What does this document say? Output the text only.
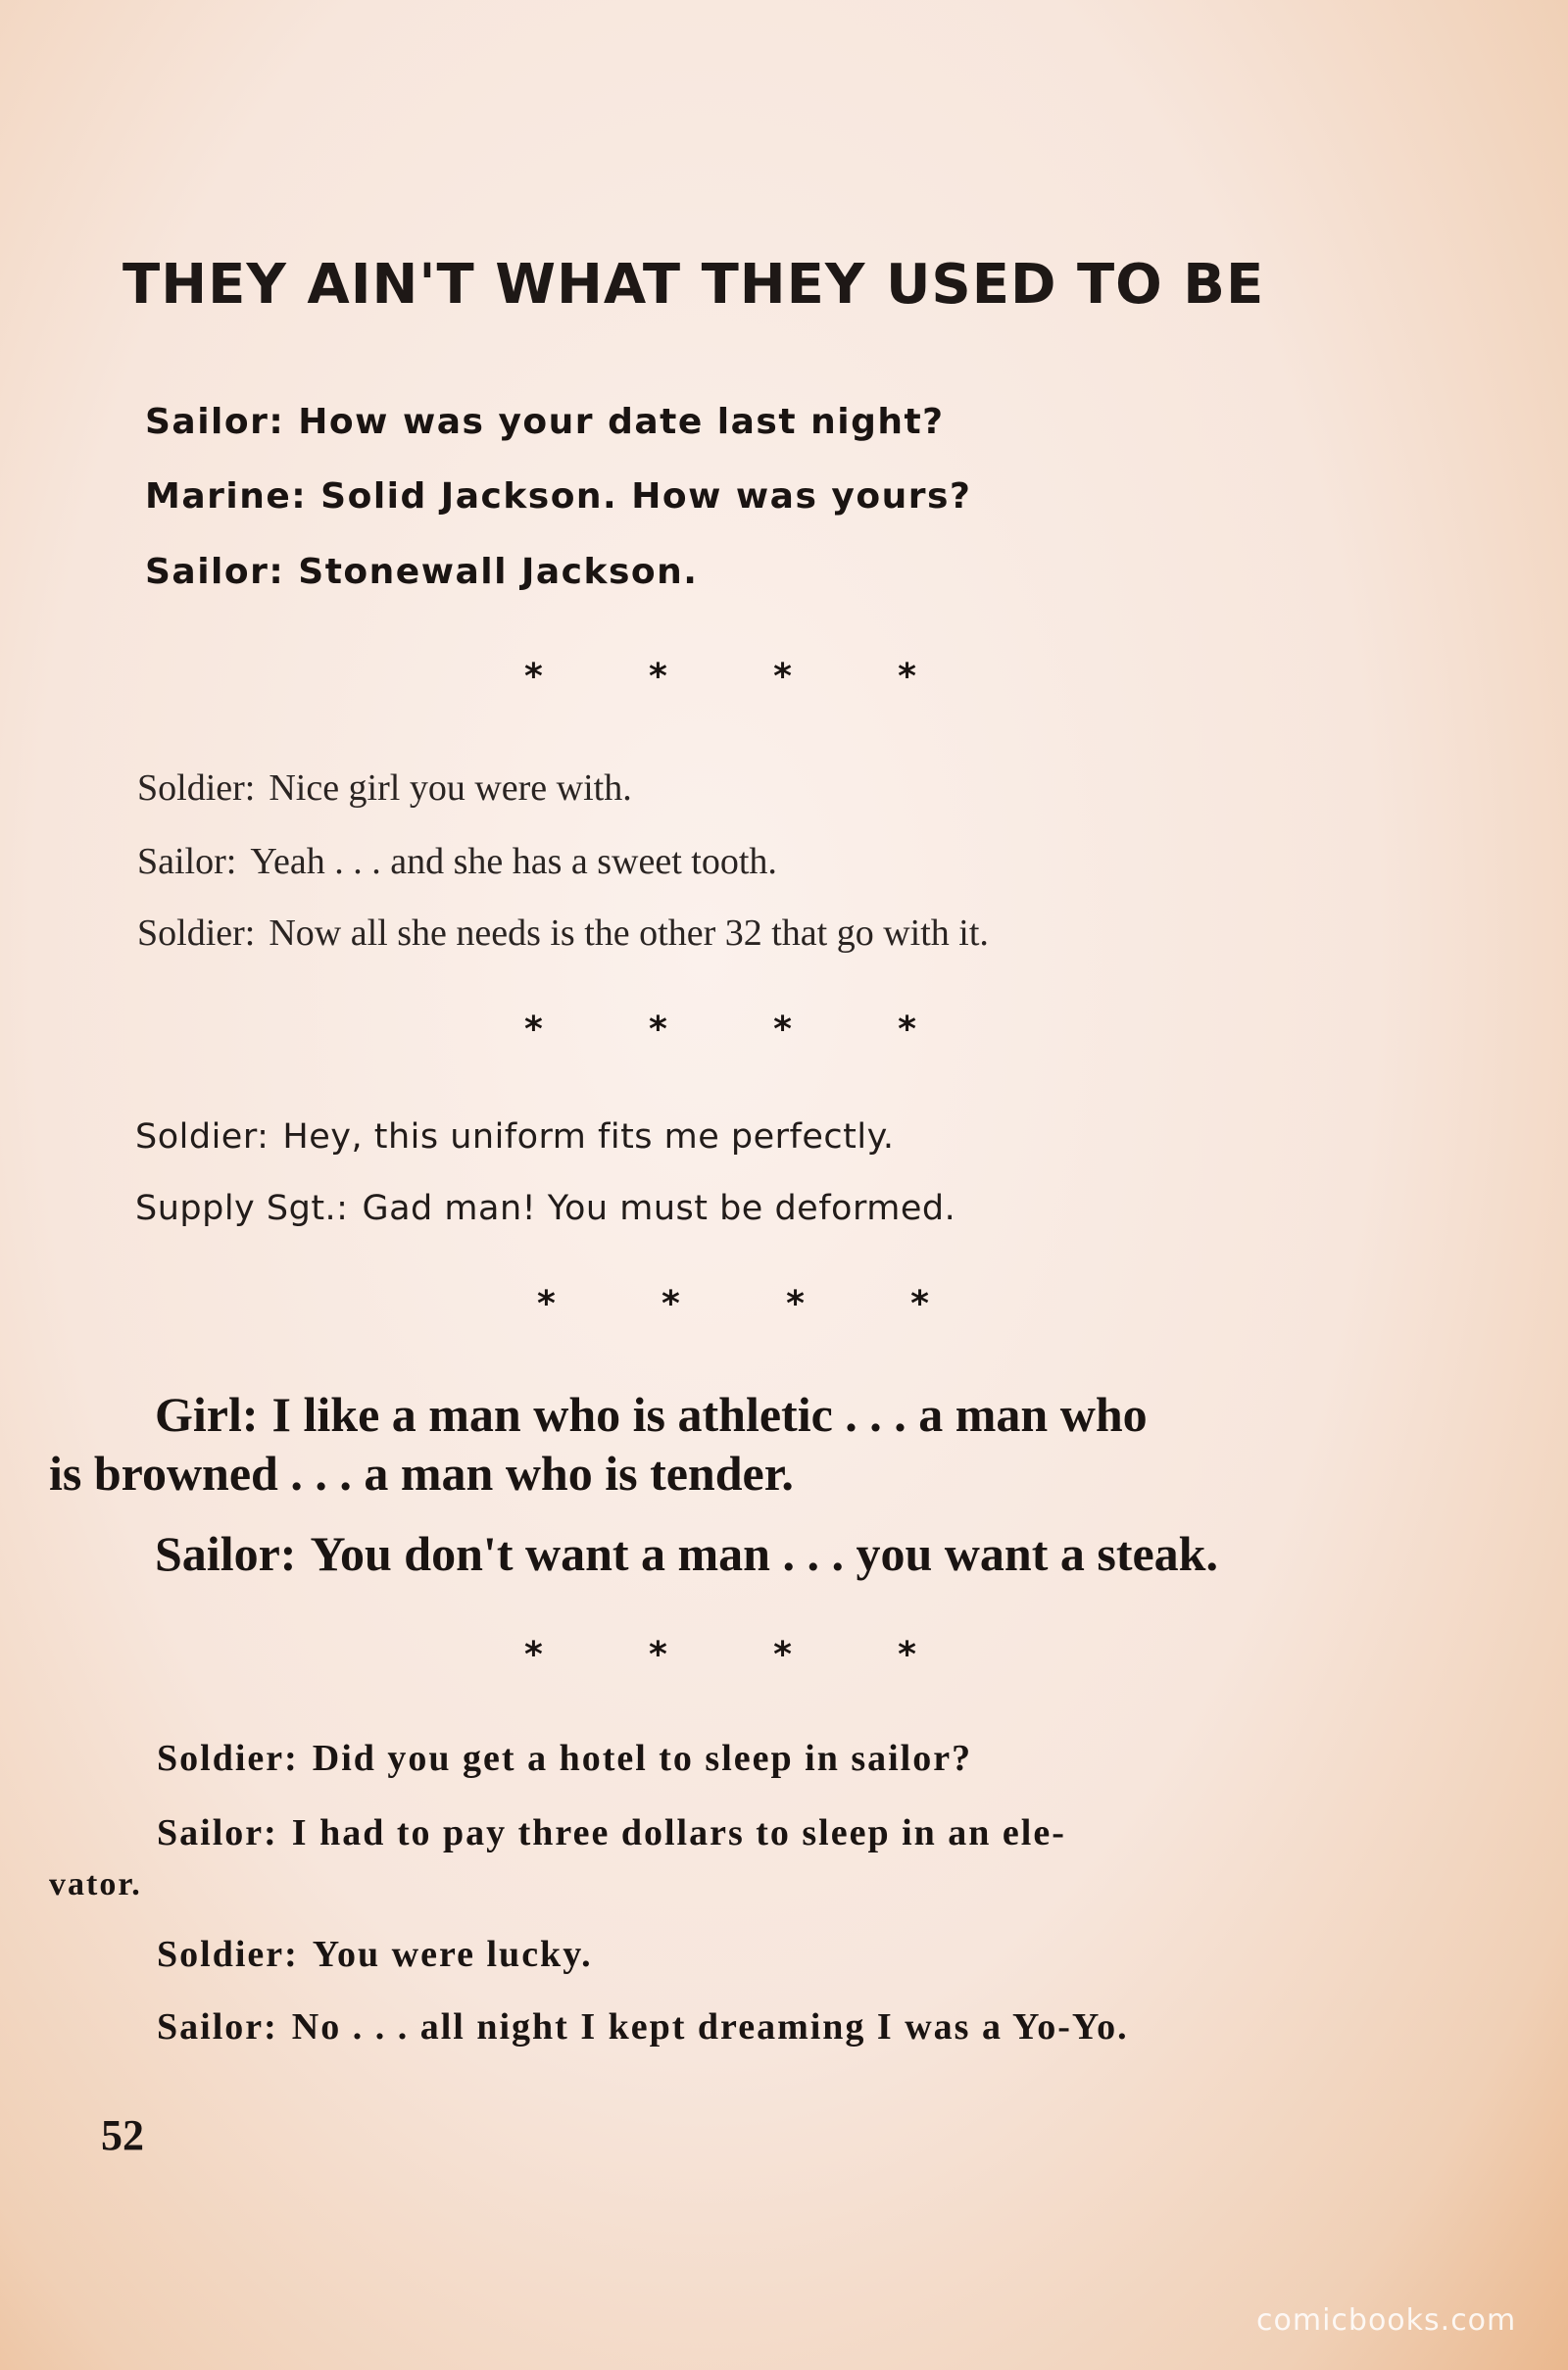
THEY AIN'T WHAT THEY USED TO BE
Sailor: How was your date last night?
Marine: Solid Jackson. How was yours?
Sailor: Stonewall Jackson.
*	*	*	*
Soldier: Nice girl you were with.
Sailor: Yeah . . . and she has a sweet tooth.
Soldier: Now all she needs is the other 32 that go with it.
*	*	*	*
Soldier: Hey, this uniform fits me perfectly.
Supply Sgt.: Gad man! You must be deformed.
*	*	*	*
Girl: I like a man who is athletic . . . a man who
is browned . . . a man who is tender.
Sailor: You don't want a man . . . you want a steak.
*	*	*	*
Soldier: Did you get a hotel to sleep in sailor?
Sailor: I had to pay three dollars to sleep in an ele-
vator.
Soldier: You were lucky.
Sailor: No . . . all night I kept dreaming I was a Yo-Yo.
52
comicbooks.com
